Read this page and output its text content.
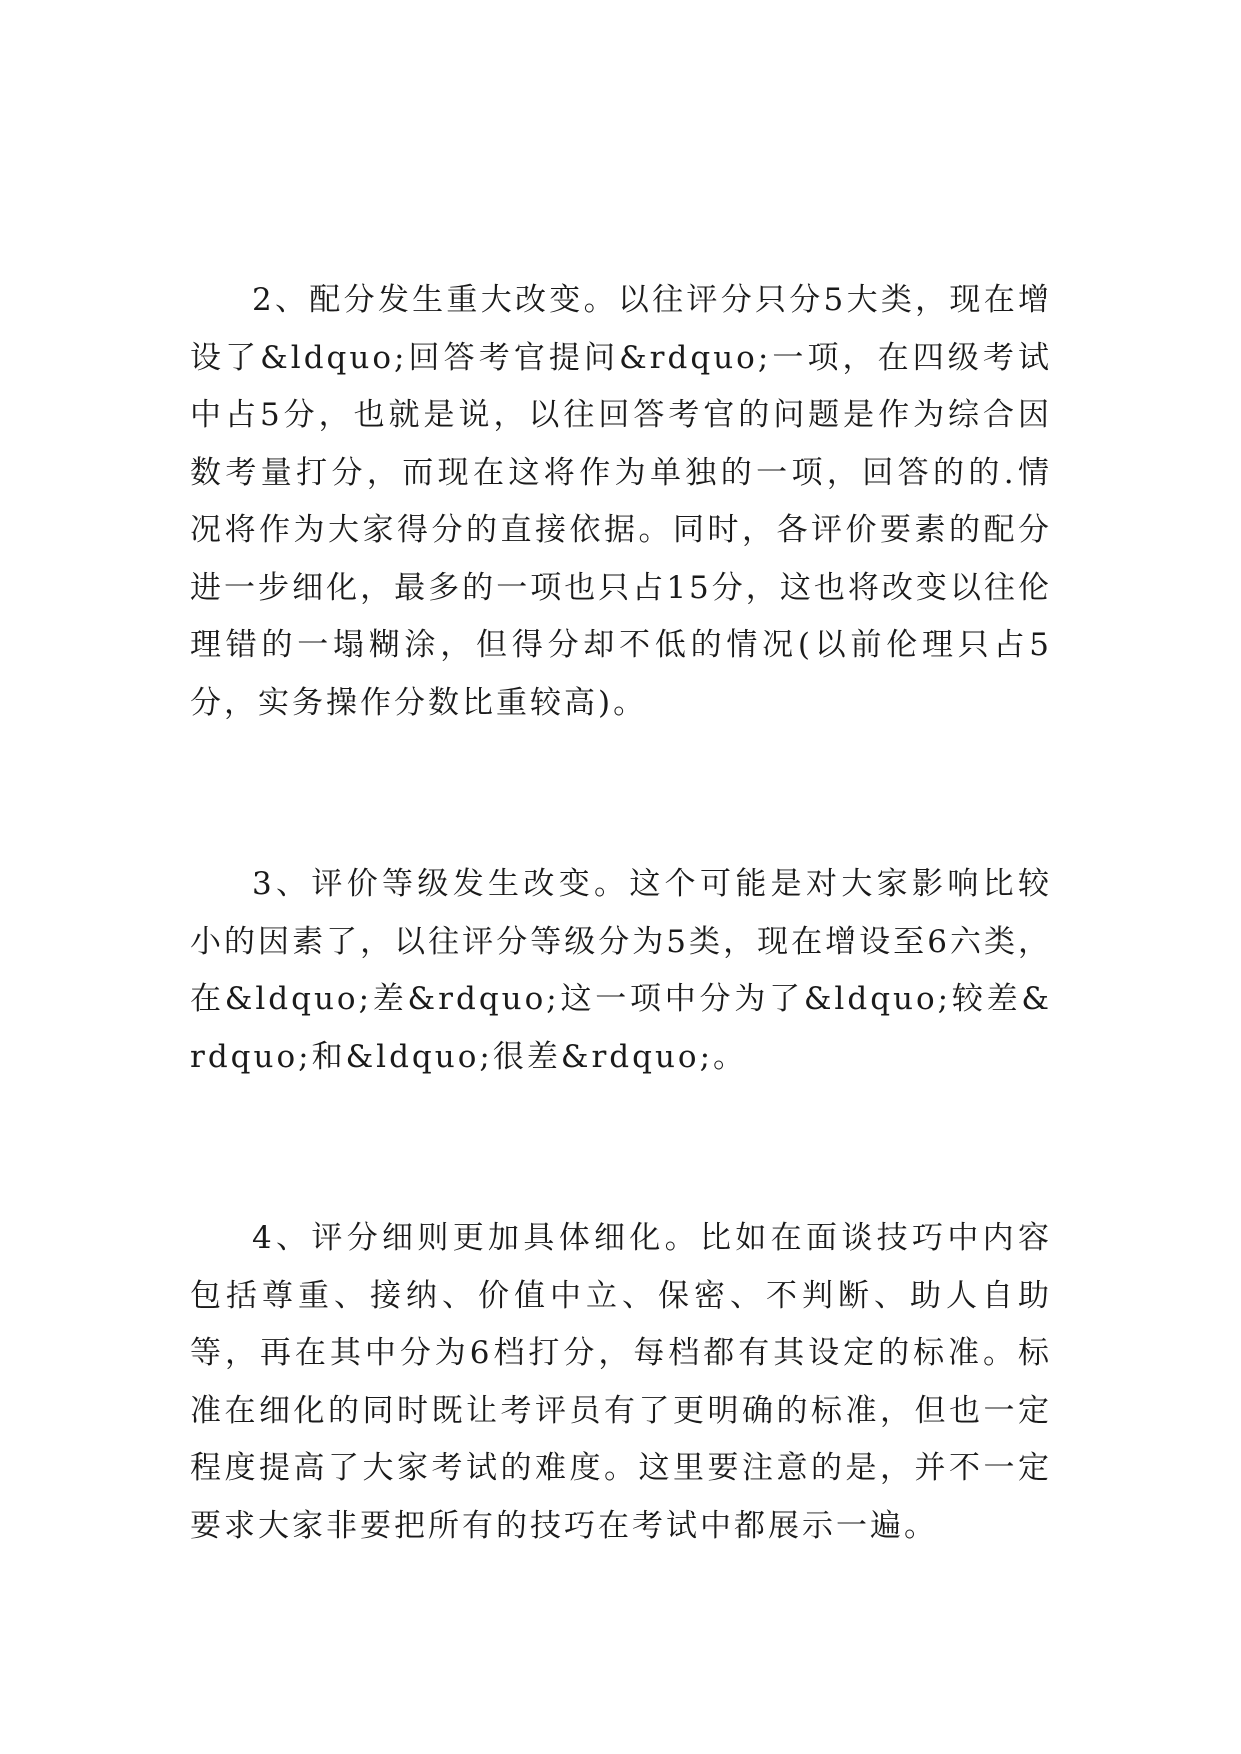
2、配分发生重大改变。以往评分只分5大类，现在增设了&ldquo;回答考官提问&rdquo;一项，在四级考试中占5分，也就是说，以往回答考官的问题是作为综合因数考量打分，而现在这将作为单独的一项，回答的的.情况将作为大家得分的直接依据。同时，各评价要素的配分进一步细化，最多的一项也只占15分，这也将改变以往伦理错的一塌糊涂，但得分却不低的情况(以前伦理只占5分，实务操作分数比重较高)。

3、评价等级发生改变。这个可能是对大家影响比较小的因素了，以往评分等级分为5类，现在增设至6六类，在&ldquo;差&rdquo;这一项中分为了&ldquo;较差&rdquo;和&ldquo;很差&rdquo;。

4、评分细则更加具体细化。比如在面谈技巧中内容包括尊重、接纳、价值中立、保密、不判断、助人自助等，再在其中分为6档打分，每档都有其设定的标准。标准在细化的同时既让考评员有了更明确的标准，但也一定程度提高了大家考试的难度。这里要注意的是，并不一定要求大家非要把所有的技巧在考试中都展示一遍。
